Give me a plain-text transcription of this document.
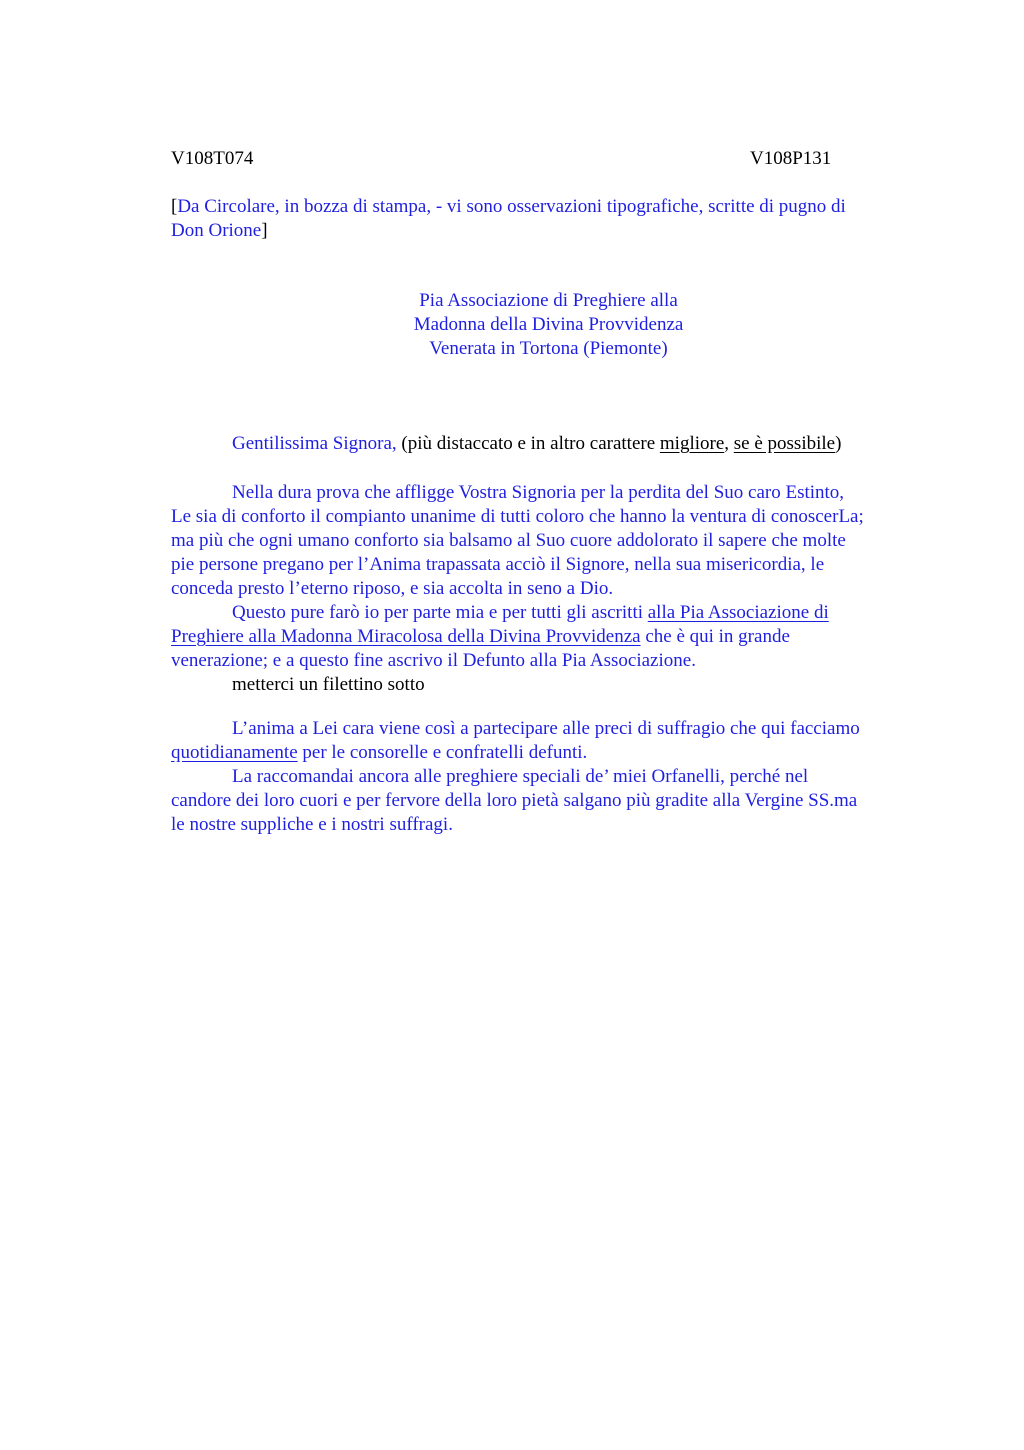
V108T074	V108P131
[Da Circolare, in bozza di stampa, - vi sono osservazioni tipografiche, scritte di pugno di
Don Orione]
Pia Associazione di Preghiere alla
Madonna della Divina Provvidenza
Venerata in Tortona (Piemonte)
Gentilissima Signora, (più distaccato e in altro carattere migliore, se è possibile)
Nella dura prova che affligge Vostra Signoria per la perdita del Suo caro Estinto,
Le sia di conforto il compianto unanime di tutti coloro che hanno la ventura di conoscerLa;
ma più che ogni umano conforto sia balsamo al Suo cuore addolorato il sapere che molte
pie persone pregano per l’Anima trapassata acciò il Signore, nella sua misericordia, le
conceda presto l’eterno riposo, e sia accolta in seno a Dio.
Questo pure farò io per parte mia e per tutti gli ascritti alla Pia Associazione di
Preghiere alla Madonna Miracolosa della Divina Provvidenza che è qui in grande
venerazione; e a questo fine ascrivo il Defunto alla Pia Associazione.
metterci un filettino sotto
L’anima a Lei cara viene così a partecipare alle preci di suffragio che qui facciamo
quotidianamente per le consorelle e confratelli defunti.
La raccomandai ancora alle preghiere speciali de’ miei Orfanelli, perché nel
candore dei loro cuori e per fervore della loro pietà salgano più gradite alla Vergine SS.ma
le nostre suppliche e i nostri suffragi.
